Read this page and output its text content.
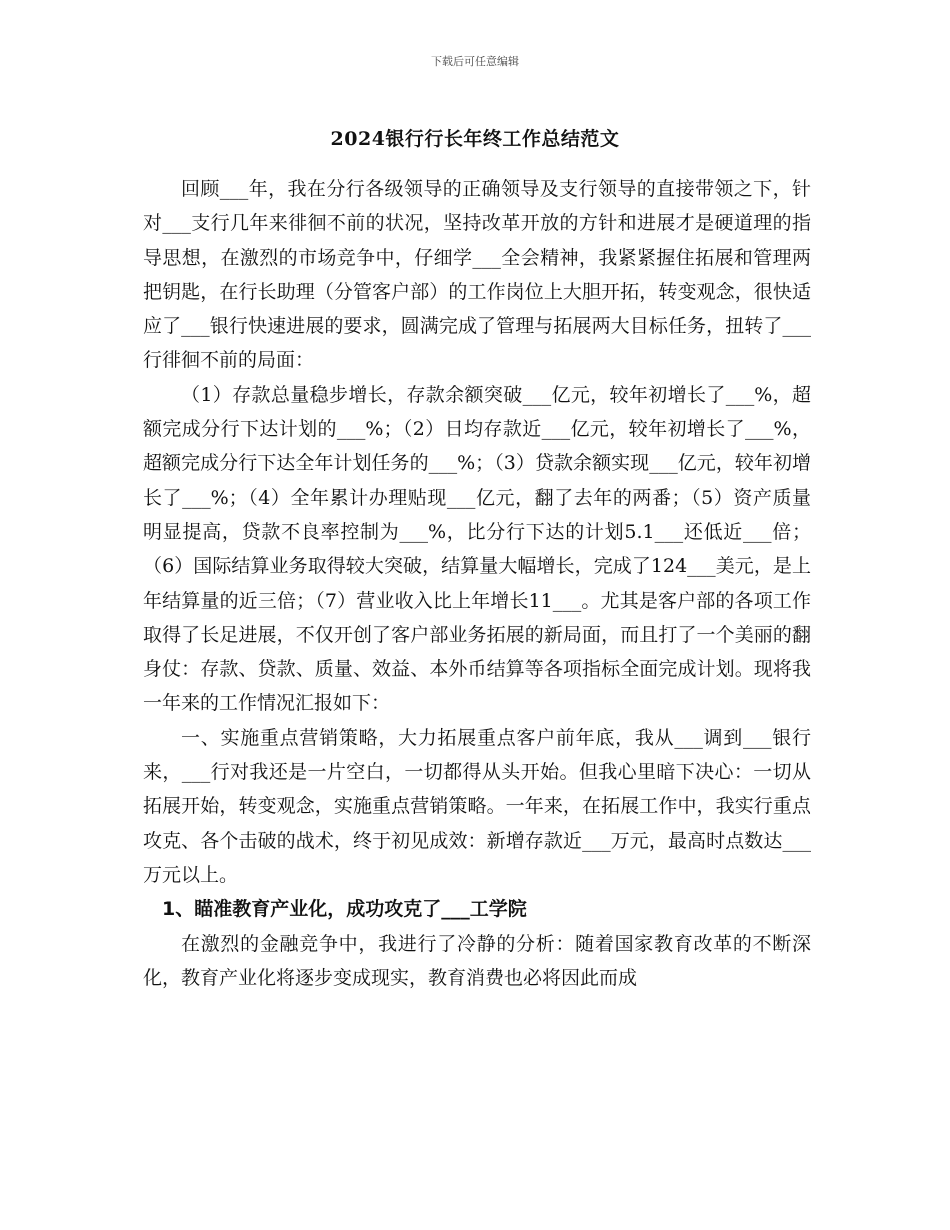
下载后可任意编辑
2024银行行长年终工作总结范文

回顾___年，我在分行各级领导的正确领导及支行领导的直接带领之下，针对___支行几年来徘徊不前的状况，坚持改革开放的方针和进展才是硬道理的指导思想，在激烈的市场竞争中，仔细学___全会精神，我紧紧握住拓展和管理两把钥匙，在行长助理（分管客户部）的工作岗位上大胆开拓，转变观念，很快适应了___银行快速进展的要求，圆满完成了管理与拓展两大目标任务，扭转了___行徘徊不前的局面：

（1）存款总量稳步增长，存款余额突破___亿元，较年初增长了___%，超额完成分行下达计划的___%；（2）日均存款近___亿元，较年初增长了___%，超额完成分行下达全年计划任务的___%；（3）贷款余额实现___亿元，较年初增长了___%；（4）全年累计办理贴现___亿元，翻了去年的两番；（5）资产质量明显提高，贷款不良率控制为___%，比分行下达的计划5.1___还低近___倍；（6）国际结算业务取得较大突破，结算量大幅增长，完成了124___美元，是上年结算量的近三倍；（7）营业收入比上年增长11___。尤其是客户部的各项工作取得了长足进展，不仅开创了客户部业务拓展的新局面，而且打了一个美丽的翻身仗：存款、贷款、质量、效益、本外币结算等各项指标全面完成计划。现将我一年来的工作情况汇报如下：

一、实施重点营销策略，大力拓展重点客户前年底，我从___调到___银行来，___行对我还是一片空白，一切都得从头开始。但我心里暗下决心：一切从拓展开始，转变观念，实施重点营销策略。一年来，在拓展工作中，我实行重点攻克、各个击破的战术，终于初见成效：新增存款近___万元，最高时点数达___万元以上。

1、瞄准教育产业化，成功攻克了___工学院

在激烈的金融竞争中，我进行了冷静的分析：随着国家教育改革的不断深化，教育产业化将逐步变成现实，教育消费也必将因此而成
